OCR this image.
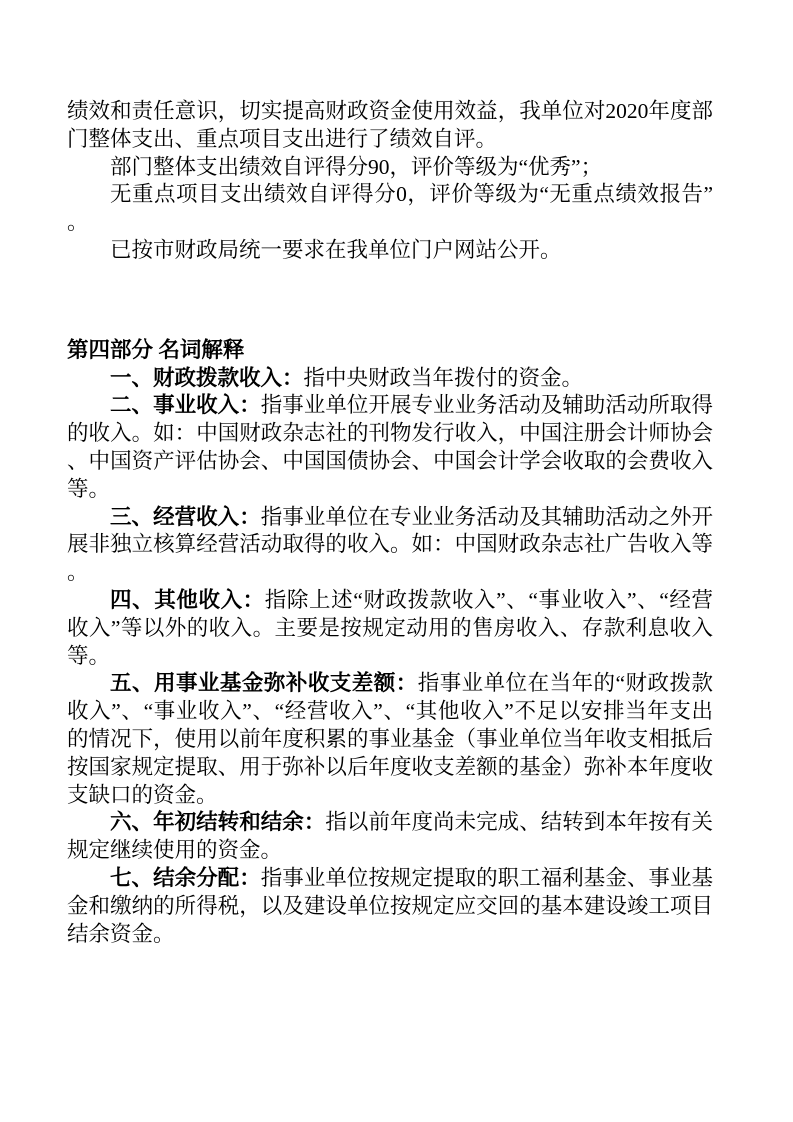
绩效和责任意识，切实提高财政资金使用效益，我单位对2020年度部门整体支出、重点项目支出进行了绩效自评。

部门整体支出绩效自评得分90，评价等级为“优秀”；

无重点项目支出绩效自评得分0，评价等级为“无重点绩效报告”。

已按市财政局统一要求在我单位门户网站公开。

第四部分 名词解释

一、财政拨款收入：指中央财政当年拨付的资金。

二、事业收入：指事业单位开展专业业务活动及辅助活动所取得的收入。如：中国财政杂志社的刊物发行收入，中国注册会计师协会、中国资产评估协会、中国国债协会、中国会计学会收取的会费收入等。

三、经营收入：指事业单位在专业业务活动及其辅助活动之外开展非独立核算经营活动取得的收入。如：中国财政杂志社广告收入等。

四、其他收入：指除上述“财政拨款收入”、“事业收入”、“经营收入”等以外的收入。主要是按规定动用的售房收入、存款利息收入等。

五、用事业基金弥补收支差额：指事业单位在当年的“财政拨款收入”、“事业收入”、“经营收入”、“其他收入”不足以安排当年支出的情况下，使用以前年度积累的事业基金（事业单位当年收支相抵后按国家规定提取、用于弥补以后年度收支差额的基金）弥补本年度收支缺口的资金。

六、年初结转和结余：指以前年度尚未完成、结转到本年按有关规定继续使用的资金。

七、结余分配：指事业单位按规定提取的职工福利基金、事业基金和缴纳的所得税，以及建设单位按规定应交回的基本建设竣工项目结余资金。
